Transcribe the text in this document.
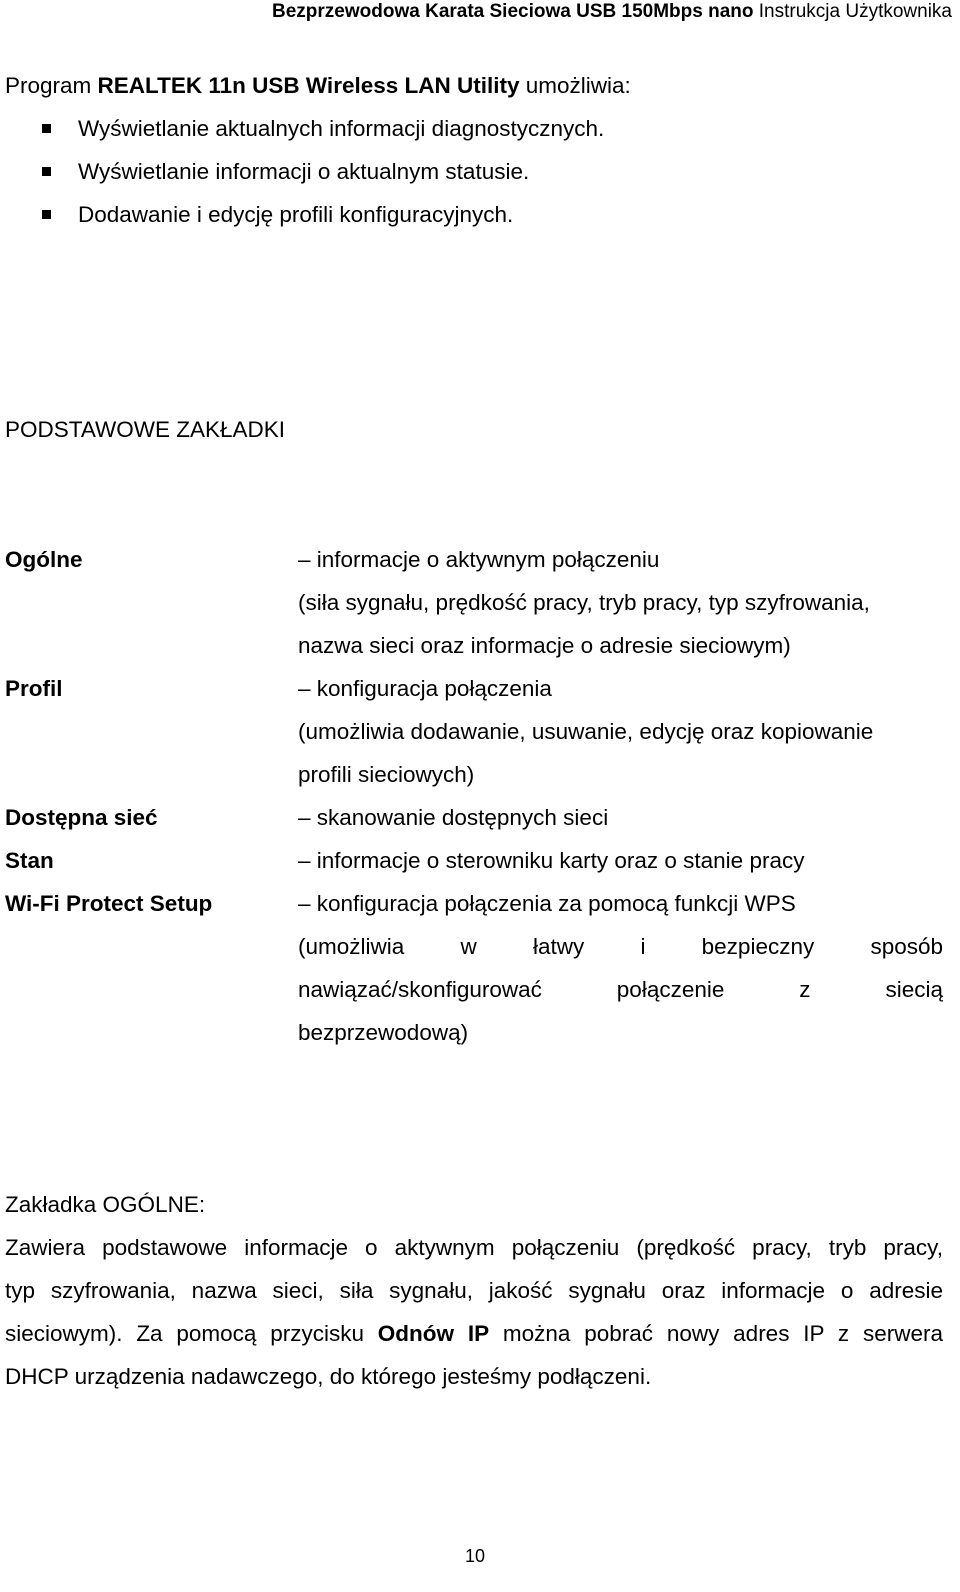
Bezprzewodowa Karata Sieciowa USB 150Mbps nano Instrukcja Użytkownika
Program REALTEK 11n USB Wireless LAN Utility umożliwia:
Wyświetlanie aktualnych informacji diagnostycznych.
Wyświetlanie informacji o aktualnym statusie.
Dodawanie i edycję profili konfiguracyjnych.
PODSTAWOWE ZAKŁADKI
Ogólne
Profil
Dostępna sieć
Stan
Wi-Fi Protect Setup
– informacje o aktywnym połączeniu
(siła sygnału, prędkość pracy, tryb pracy, typ szyfrowania,
nazwa sieci oraz informacje o adresie sieciowym)
– konfiguracja połączenia
(umożliwia dodawanie, usuwanie, edycję oraz kopiowanie
profili sieciowych)
– skanowanie dostępnych sieci
– informacje o sterowniku karty oraz o stanie pracy
– konfiguracja połączenia za pomocą funkcji WPS
(umożliwia w łatwy i bezpieczny sposób
nawiązać/skonfigurować połączenie z siecią
bezprzewodową)
Zakładka OGÓLNE:
Zawiera podstawowe informacje o aktywnym połączeniu (prędkość pracy, tryb pracy,
typ szyfrowania, nazwa sieci, siła sygnału, jakość sygnału oraz informacje o adresie
sieciowym). Za pomocą przycisku Odnów IP można pobrać nowy adres IP z serwera
DHCP urządzenia nadawczego, do którego jesteśmy podłączeni.
10
